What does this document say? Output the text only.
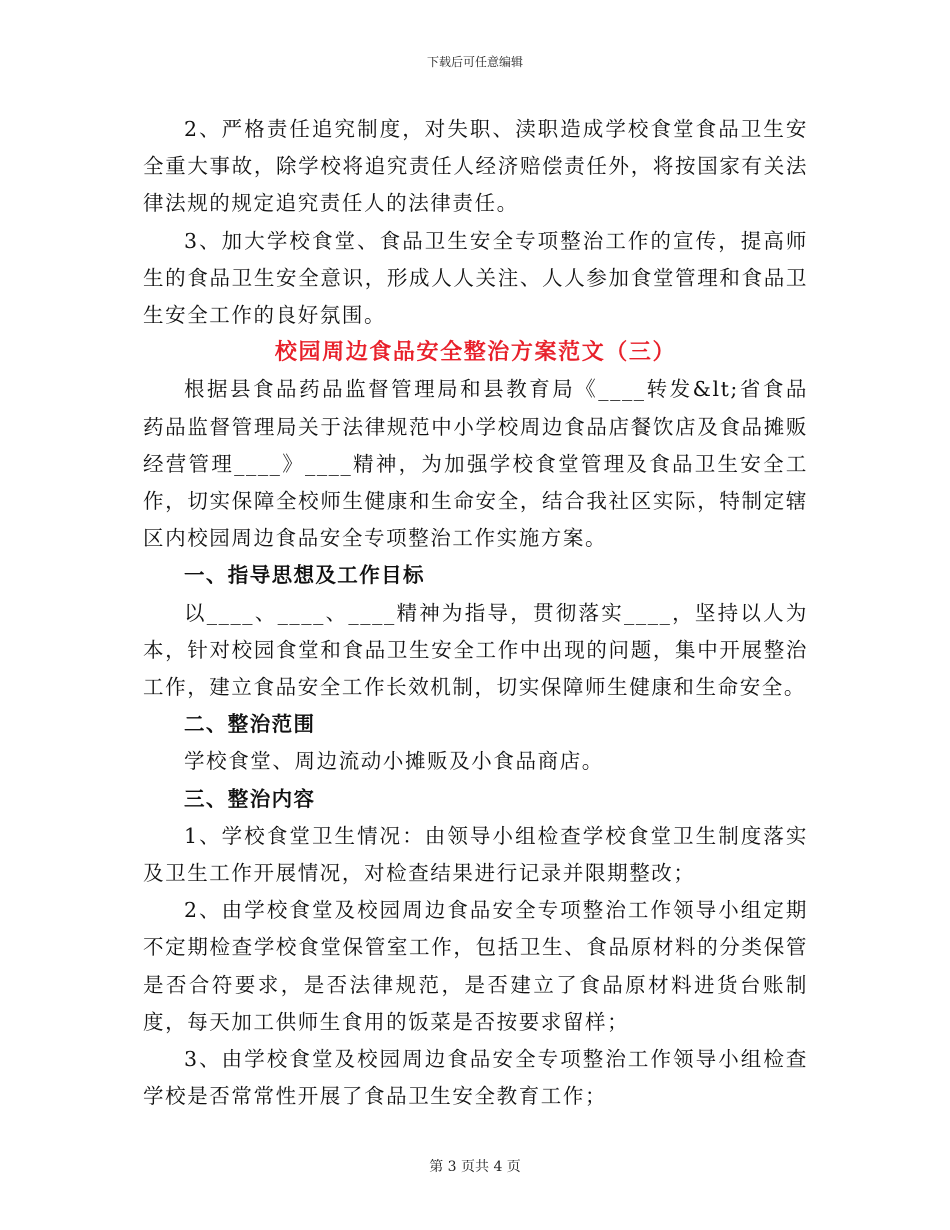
下载后可任意编辑

2、严格责任追究制度，对失职、渎职造成学校食堂食品卫生安全重大事故，除学校将追究责任人经济赔偿责任外，将按国家有关法律法规的规定追究责任人的法律责任。

3、加大学校食堂、食品卫生安全专项整治工作的宣传，提高师生的食品卫生安全意识，形成人人关注、人人参加食堂管理和食品卫生安全工作的良好氛围。

校园周边食品安全整治方案范文（三）

根据县食品药品监督管理局和县教育局《____转发&lt;省食品药品监督管理局关于法律规范中小学校周边食品店餐饮店及食品摊贩经营管理____》____精神，为加强学校食堂管理及食品卫生安全工作，切实保障全校师生健康和生命安全，结合我社区实际，特制定辖区内校园周边食品安全专项整治工作实施方案。

一、指导思想及工作目标

以____、____、____精神为指导，贯彻落实____，坚持以人为本，针对校园食堂和食品卫生安全工作中出现的问题，集中开展整治工作，建立食品安全工作长效机制，切实保障师生健康和生命安全。

二、整治范围

学校食堂、周边流动小摊贩及小食品商店。

三、整治内容

1、学校食堂卫生情况：由领导小组检查学校食堂卫生制度落实及卫生工作开展情况，对检查结果进行记录并限期整改；

2、由学校食堂及校园周边食品安全专项整治工作领导小组定期不定期检查学校食堂保管室工作，包括卫生、食品原材料的分类保管是否合符要求，是否法律规范，是否建立了食品原材料进货台账制度，每天加工供师生食用的饭菜是否按要求留样；

3、由学校食堂及校园周边食品安全专项整治工作领导小组检查学校是否常常性开展了食品卫生安全教育工作；

第 3 页共 4 页
